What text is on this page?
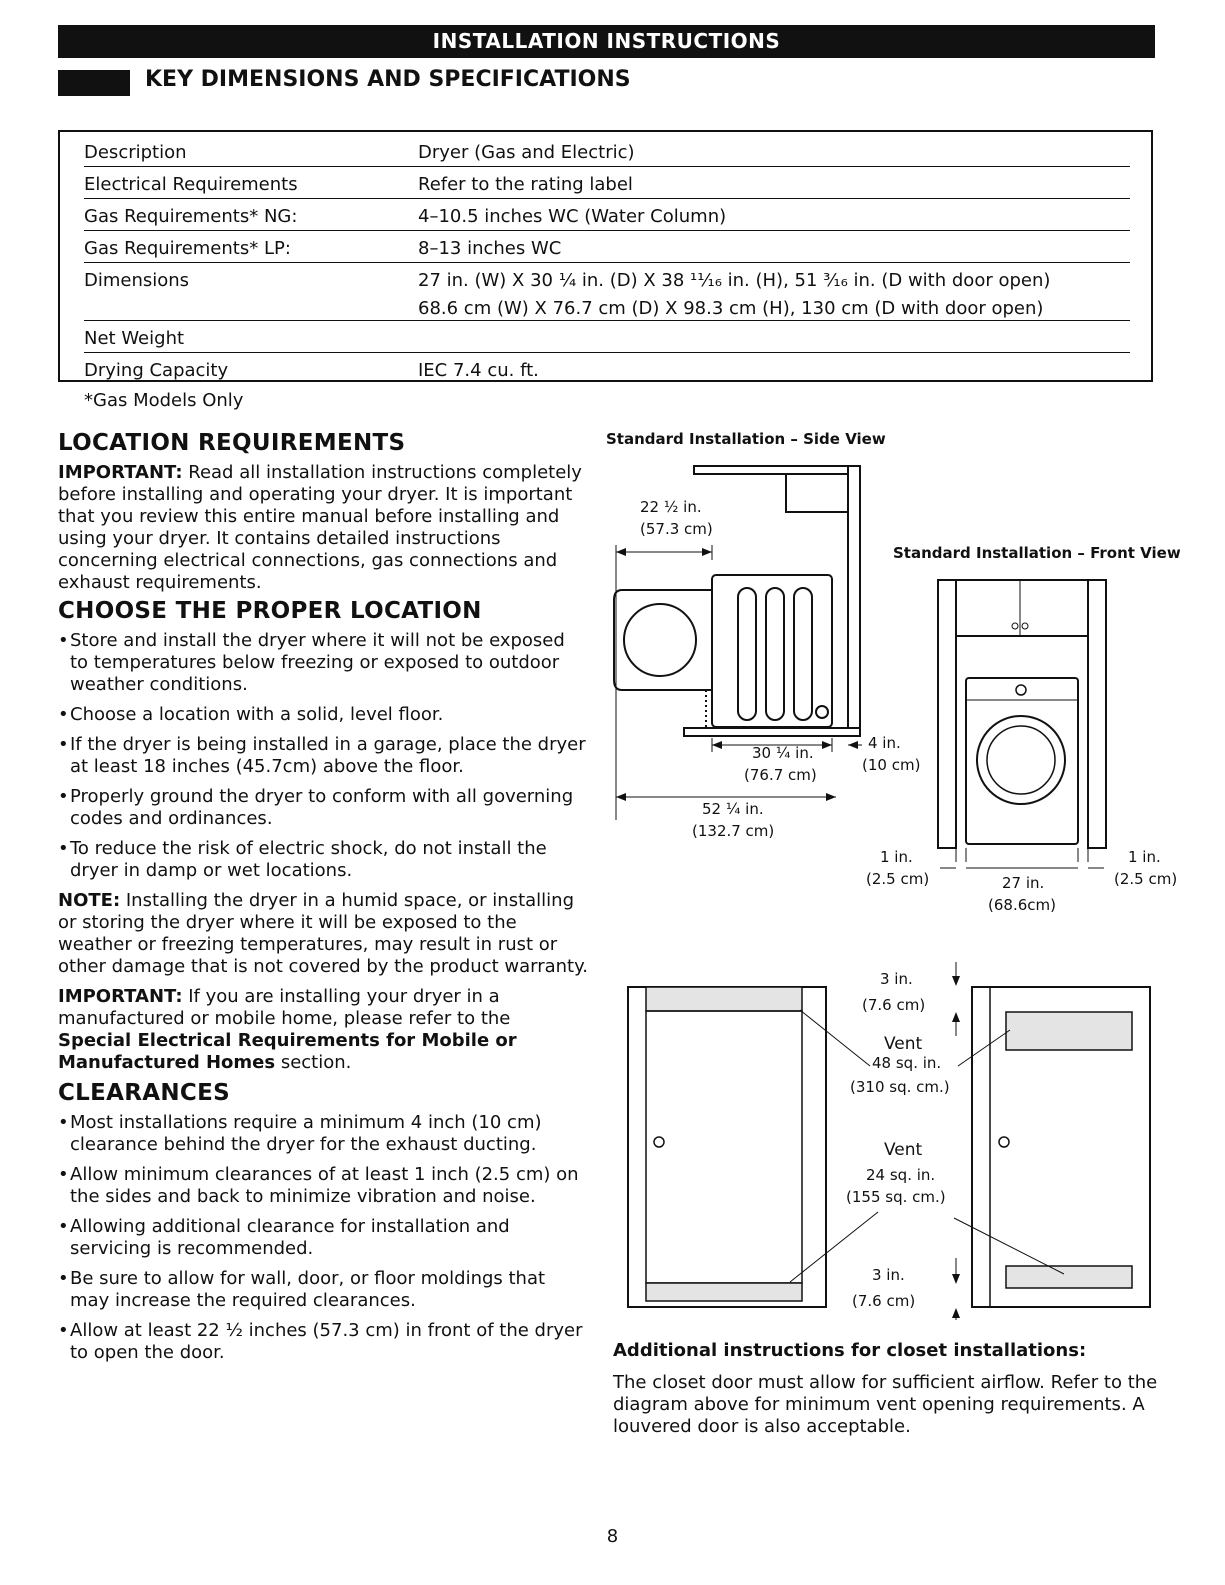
INSTALLATION INSTRUCTIONS
KEY DIMENSIONS AND SPECIFICATIONS
Description	Dryer (Gas and Electric)
Electrical Requirements	Refer to the rating label
Gas Requirements* NG:	4–10.5 inches WC (Water Column)
Gas Requirements* LP:	8–13 inches WC
Dimensions	27 in. (W) X 30 ¹⁄₄ in. (D) X 38 ¹¹⁄₁₆ in. (H), 51 ³⁄₁₆ in. (D with door open)
68.6 cm (W) X 76.7 cm (D) X 98.3 cm (H), 130 cm (D with door open)
Net Weight
Drying Capacity	IEC 7.4 cu. ft.
*Gas Models Only
LOCATION REQUIREMENTS

IMPORTANT: Read all installation instructions completely before installing and operating your dryer. It is important that you review this entire manual before installing and using your dryer. It contains detailed instructions concerning electrical connections, gas connections and exhaust requirements.

CHOOSE THE PROPER LOCATION
• Store and install the dryer where it will not be exposed to temperatures below freezing or exposed to outdoor weather conditions.
• Choose a location with a solid, level floor.
• If the dryer is being installed in a garage, place the dryer at least 18 inches (45.7cm) above the floor.
• Properly ground the dryer to conform with all governing codes and ordinances.
• To reduce the risk of electric shock, do not install the dryer in damp or wet locations.

NOTE: Installing the dryer in a humid space, or installing or storing the dryer where it will be exposed to the weather or freezing temperatures, may result in rust or other damage that is not covered by the product warranty.

IMPORTANT: If you are installing your dryer in a manufactured or mobile home, please refer to the Special Electrical Requirements for Mobile or Manufactured Homes section.

CLEARANCES
• Most installations require a minimum 4 inch (10 cm) clearance behind the dryer for the exhaust ducting.
• Allow minimum clearances of at least 1 inch (2.5 cm) on the sides and back to minimize vibration and noise.
• Allowing additional clearance for installation and servicing is recommended.
• Be sure to allow for wall, door, or floor moldings that may increase the required clearances.
• Allow at least 22 ½ inches (57.3 cm) in front of the dryer to open the door.
Standard Installation – Side View
Standard Installation – Front View
22 ½ in.
(57.3 cm)
30 ¼ in.
(76.7 cm)
4 in.
(10 cm)
52 ¼ in.
(132.7 cm)
1 in.
(2.5 cm)	27 in.
(68.6cm)
1 in.
(2.5 cm)
3 in.
(7.6 cm)
Vent
48 sq. in.
(310 sq. cm.)
Vent
24 sq. in.
(155 sq. cm.)
3 in.
(7.6 cm)
Additional instructions for closet installations:
The closet door must allow for sufficient airflow. Refer to the diagram above for minimum vent opening requirements. A louvered door is also acceptable.
8
